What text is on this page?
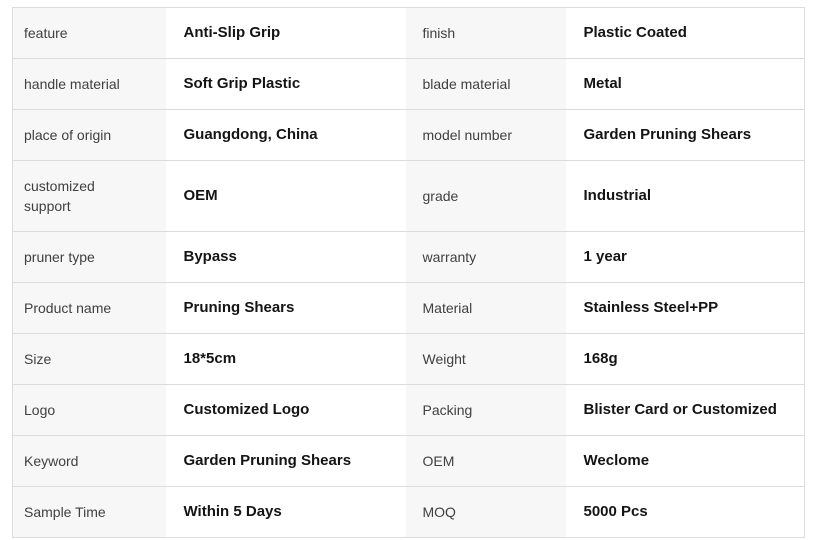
feature	Anti-Slip Grip	finish	Plastic Coated
handle material	Soft Grip Plastic	blade material	Metal
place of origin	Guangdong, China	model number	Garden Pruning Shears
customized support	OEM	grade	Industrial
pruner type	Bypass	warranty	1 year
Product name	Pruning Shears	Material	Stainless Steel+PP
Size	18*5cm	Weight	168g
Logo	Customized Logo	Packing	Blister Card or Customized
Keyword	Garden Pruning Shears	OEM	Weclome
Sample Time	Within 5 Days	MOQ	5000 Pcs
